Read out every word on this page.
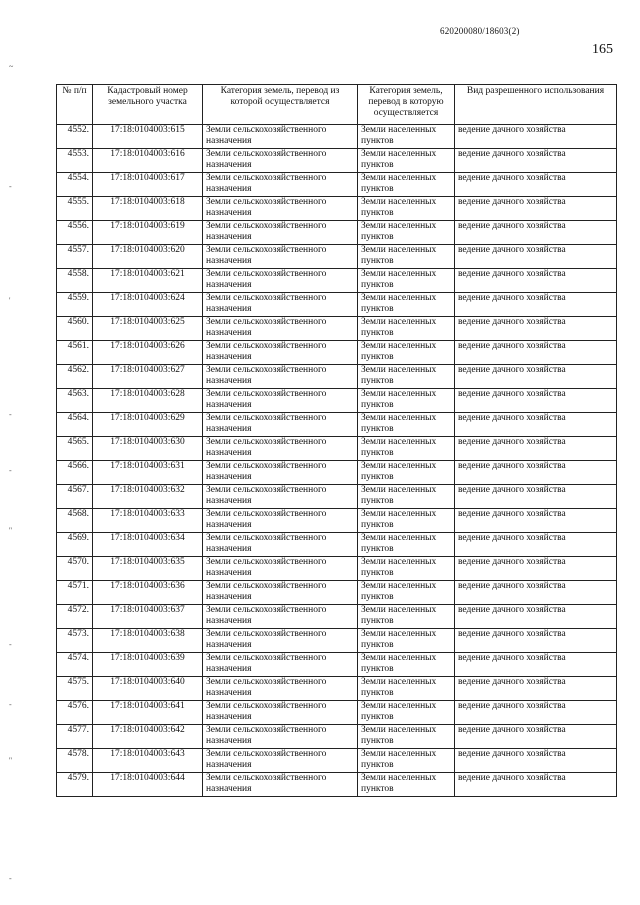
620200080/18603(2)
165
~
-
'
-
-
''
-
-
''
-
№ п/п	Кадастровый номер земельного участка	Категория земель, перевод из которой осуществляется	Категория земель, перевод в которую осуществляется	Вид разрешенного использования
4552.	17:18:0104003:615	Земли сельскохозяйственного назначения	Земли населенных пунктов	ведение дачного хозяйства
4553.	17:18:0104003:616	Земли сельскохозяйственного назначения	Земли населенных пунктов	ведение дачного хозяйства
4554.	17:18:0104003:617	Земли сельскохозяйственного назначения	Земли населенных пунктов	ведение дачного хозяйства
4555.	17:18:0104003:618	Земли сельскохозяйственного назначения	Земли населенных пунктов	ведение дачного хозяйства
4556.	17:18:0104003:619	Земли сельскохозяйственного назначения	Земли населенных пунктов	ведение дачного хозяйства
4557.	17:18:0104003:620	Земли сельскохозяйственного назначения	Земли населенных пунктов	ведение дачного хозяйства
4558.	17:18:0104003:621	Земли сельскохозяйственного назначения	Земли населенных пунктов	ведение дачного хозяйства
4559.	17:18:0104003:624	Земли сельскохозяйственного назначения	Земли населенных пунктов	ведение дачного хозяйства
4560.	17:18:0104003:625	Земли сельскохозяйственного назначения	Земли населенных пунктов	ведение дачного хозяйства
4561.	17:18:0104003:626	Земли сельскохозяйственного назначения	Земли населенных пунктов	ведение дачного хозяйства
4562.	17:18:0104003:627	Земли сельскохозяйственного назначения	Земли населенных пунктов	ведение дачного хозяйства
4563.	17:18:0104003:628	Земли сельскохозяйственного назначения	Земли населенных пунктов	ведение дачного хозяйства
4564.	17:18:0104003:629	Земли сельскохозяйственного назначения	Земли населенных пунктов	ведение дачного хозяйства
4565.	17:18:0104003:630	Земли сельскохозяйственного назначения	Земли населенных пунктов	ведение дачного хозяйства
4566.	17:18:0104003:631	Земли сельскохозяйственного назначения	Земли населенных пунктов	ведение дачного хозяйства
4567.	17:18:0104003:632	Земли сельскохозяйственного назначения	Земли населенных пунктов	ведение дачного хозяйства
4568.	17:18:0104003:633	Земли сельскохозяйственного назначения	Земли населенных пунктов	ведение дачного хозяйства
4569.	17:18:0104003:634	Земли сельскохозяйственного назначения	Земли населенных пунктов	ведение дачного хозяйства
4570.	17:18:0104003:635	Земли сельскохозяйственного назначения	Земли населенных пунктов	ведение дачного хозяйства
4571.	17:18:0104003:636	Земли сельскохозяйственного назначения	Земли населенных пунктов	ведение дачного хозяйства
4572.	17:18:0104003:637	Земли сельскохозяйственного назначения	Земли населенных пунктов	ведение дачного хозяйства
4573.	17:18:0104003:638	Земли сельскохозяйственного назначения	Земли населенных пунктов	ведение дачного хозяйства
4574.	17:18:0104003:639	Земли сельскохозяйственного назначения	Земли населенных пунктов	ведение дачного хозяйства
4575.	17:18:0104003:640	Земли сельскохозяйственного назначения	Земли населенных пунктов	ведение дачного хозяйства
4576.	17:18:0104003:641	Земли сельскохозяйственного назначения	Земли населенных пунктов	ведение дачного хозяйства
4577.	17:18:0104003:642	Земли сельскохозяйственного назначения	Земли населенных пунктов	ведение дачного хозяйства
4578.	17:18:0104003:643	Земли сельскохозяйственного назначения	Земли населенных пунктов	ведение дачного хозяйства
4579.	17:18:0104003:644	Земли сельскохозяйственного назначения	Земли населенных пунктов	ведение дачного хозяйства
